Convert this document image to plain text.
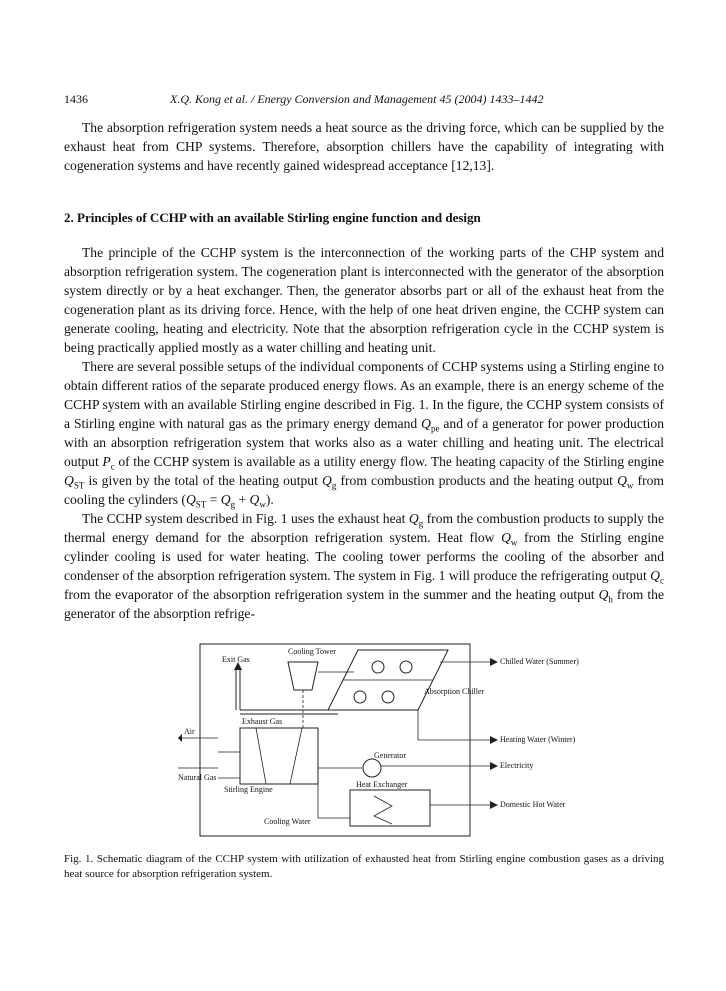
1436	X.Q. Kong et al. / Energy Conversion and Management 45 (2004) 1433–1442

The absorption refrigeration system needs a heat source as the driving force, which can be supplied by the exhaust heat from CHP systems. Therefore, absorption chillers have the capability of integrating with cogeneration systems and have recently gained widespread acceptance [12,13].

2. Principles of CCHP with an available Stirling engine function and design

The principle of the CCHP system is the interconnection of the working parts of the CHP system and absorption refrigeration system. The cogeneration plant is interconnected with the generator of the absorption system directly or by a heat exchanger. Then, the generator absorbs part or all of the exhaust heat from the cogeneration plant as its driving force. Hence, with the help of one heat driven engine, the CCHP system can generate cooling, heating and electricity. Note that the absorption refrigeration cycle in the CCHP system is being practically applied mostly as a water chilling and heating unit.

There are several possible setups of the individual components of CCHP systems using a Stirling engine to obtain different ratios of the separate produced energy flows. As an example, there is an energy scheme of the CCHP system with an available Stirling engine described in Fig. 1. In the figure, the CCHP system consists of a Stirling engine with natural gas as the primary energy demand $Q_{pe}$ and of a generator for power production with an absorption refrigeration system that works also as a water chilling and heating unit. The electrical output $P_c$ of the CCHP system is available as a utility energy flow. The heating capacity of the Stirling engine $Q_{ST}$ is given by the total of the heating output $Q_g$ from combustion products and the heating output $Q_w$ from cooling the cylinders $(Q_{ST} = Q_g + Q_w)$.

The CCHP system described in Fig. 1 uses the exhaust heat $Q_g$ from the combustion products to supply the thermal energy demand for the absorption refrigeration system. Heat flow $Q_w$ from the Stirling engine cylinder cooling is used for water heating. The cooling tower performs the cooling of the absorber and condenser of the absorption refrigeration system. The system in Fig. 1 will produce the refrigerating output $Q_c$ from the evaporator of the absorption refrigeration system in the summer and the heating output $Q_h$ from the generator of the absorption refrige-

Exit Gas
Cooling Tower
Exhaust Gas
Air
Natural Gas
Stirling Engine
Cooling Water
Heat Exchanger
Generator
Absorption Chiller
Chilled Water (Summer)
Heating Water (Winter)
Electricity
Domestic Hot Water
Fig. 1. Schematic diagram of the CCHP system with utilization of exhausted heat from Stirling engine combustion gases as a driving heat source for absorption refrigeration system.
